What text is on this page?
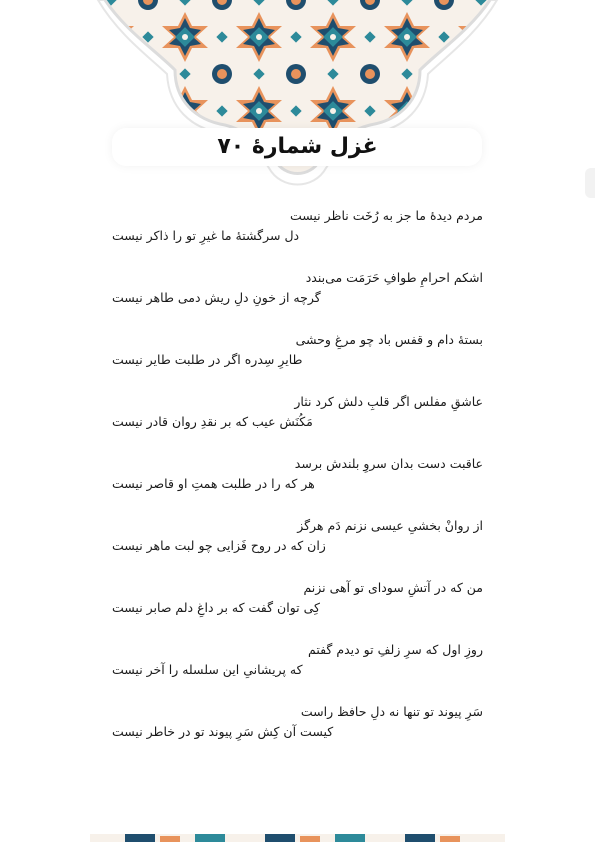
غزل شمارهٔ ۷۰
مردم دیدهٔ ما جز به رُخَت ناظر نیست
دل سرگشتهٔ ما غیرِ تو را ذاکر نیست
اشکم احرامِ طوافِ حَرَمَت می‌بندد
گرچه از خونِ دلِ ریش دمی طاهر نیست
بستهٔ دام و قفس باد چو مرغِ وحشی
طایرِ سِدره اگر در طلبت طایر نیست
عاشقِ مفلس اگر قلبِ دلش کرد نثار
مَکُنَش عیب که بر نقدِ روان قادر نیست
عاقبت دست بدان سروِ بلندش برسد
هر که را در طلبت همتِ او قاصر نیست
از روانْ بخشیِ عیسی نزنم دَم هرگز
زان که در روح فَزایی چو لبت ماهر نیست
من که در آتشِ سودای تو آهی نزنم
کِی توان گفت که بر داغِ دلم صابر نیست
روزِ اول که سرِ زلفِ تو دیدم گفتم
که پریشانیِ این سلسله را آخر نیست
سَرِ پیوند تو تنها نه دلِ حافظ راست
کیست آن کِش سَرِ پیوند تو در خاطر نیست
